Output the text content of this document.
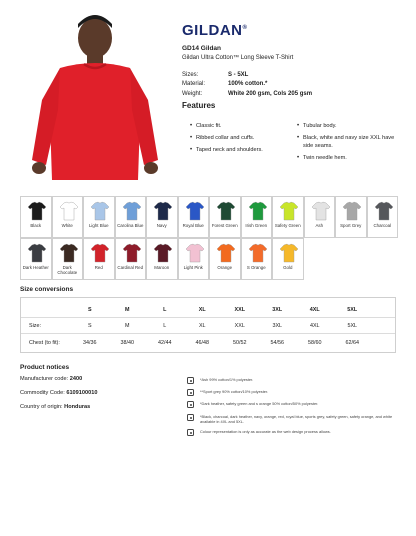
GILDAN®
GD14 Gildan
Gildan Ultra Cotton™ Long Sleeve T-Shirt
Sizes:	S - 5XL
Material:	100% cotton.*
Weight:	White 200 gsm, Cols 205 gsm
Features
• Classic fit.
• Ribbed collar and cuffs.
• Taped neck and shoulders.
• Tubular body.
• Black, white and navy size XXL have side seams.
• Twin needle hem.
Black	White	Light Blue	Carolina Blue	Navy	Royal Blue	Forest Green	Irish Green	Safety Green	Ash	Sport Grey	Charcoal
Dark Heather	Dark Chocolate
Red	Cardinal Red	Maroon	Light Pink	Orange	S Orange	Gold
Size conversions
S	M	L	XL	XXL	3XL	4XL	5XL
Size:	S	M	L	XL	XXL	3XL	4XL	5XL
Chest (to fit):	34/36	38/40	42/44	46/48	50/52	54/56	58/60	62/64
Product notices
Manufacturer code: 2400
Commodity Code: 6109100010
Country of origin: Honduras
*Ash 99% cotton/1% polyester.
**Sport grey 90% cotton/10% polyester.
*Dark heather, safety green and s orange 50% cotton/50% polyester.
*Black, charcoal, dark heather, navy, orange, red, royal blue, sports grey, safety green, safety orange, and white available in 4XL and 5XL.
Colour representation is only as accurate as the web design process allows.
